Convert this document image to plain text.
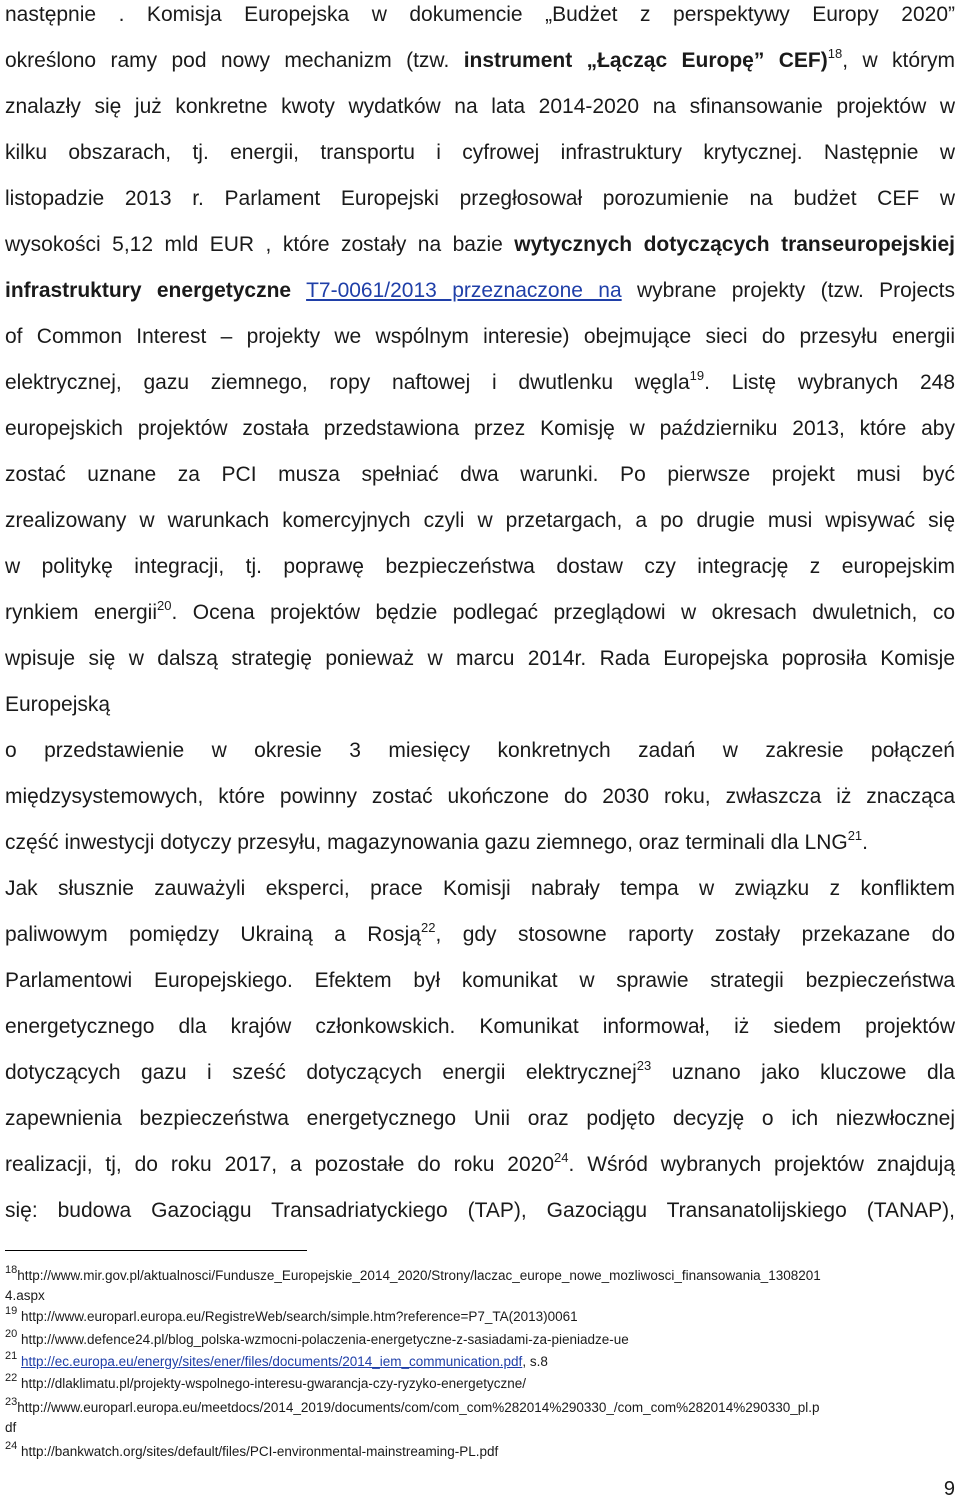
następnie . Komisja Europejska w dokumencie „Budżet z perspektywy Europy 2020”
określono ramy pod nowy mechanizm (tzw. instrument „Łącząc Europę” CEF)$^{18}$, w którym
znalazły się już konkretne kwoty wydatków na lata 2014-2020 na sfinansowanie projektów w
kilku obszarach, tj. energii, transportu i cyfrowej infrastruktury krytycznej. Następnie w
listopadzie 2013 r. Parlament Europejski przegłosował porozumienie na budżet CEF w
wysokości 5,12 mld EUR , które zostały na bazie wytycznych dotyczących transeuropejskiej
infrastruktury energetyczne T7-0061/2013 przeznaczone na wybrane projekty (tzw. Projects
of Common Interest – projekty we wspólnym interesie) obejmujące sieci do przesyłu energii
elektrycznej, gazu ziemnego, ropy naftowej i dwutlenku węgla$^{19}$. Listę wybranych 248
europejskich projektów została przedstawiona przez Komisję w październiku 2013, które aby
zostać uznane za PCI musza spełniać dwa warunki. Po pierwsze projekt musi być
zrealizowany w warunkach komercyjnych czyli w przetargach, a po drugie musi wpisywać się
w politykę integracji, tj. poprawę bezpieczeństwa dostaw czy integrację z europejskim
rynkiem energii$^{20}$. Ocena projektów będzie podlegać przeglądowi w okresach dwuletnich, co
wpisuje się w dalszą strategię ponieważ w marcu 2014r. Rada Europejska poprosiła Komisje
Europejską
o przedstawienie w okresie 3 miesięcy konkretnych zadań w zakresie połączeń
międzysystemowych, które powinny zostać ukończone do 2030 roku, zwłaszcza iż znacząca
część inwestycji dotyczy przesyłu, magazynowania gazu ziemnego, oraz terminali dla LNG$^{21}$.
Jak słusznie zauważyli eksperci, prace Komisji nabrały tempa w związku z konfliktem
paliwowym pomiędzy Ukrainą a Rosją$^{22}$, gdy stosowne raporty zostały przekazane do
Parlamentowi Europejskiego. Efektem był komunikat w sprawie strategii bezpieczeństwa
energetycznego dla krajów członkowskich. Komunikat informował, iż siedem projektów
dotyczących gazu i sześć dotyczących energii elektrycznej$^{23}$ uznano jako kluczowe dla
zapewnienia bezpieczeństwa energetycznego Unii oraz podjęto decyzję o ich niezwłocznej
realizacji, tj, do roku 2017, a pozostałe do roku 2020$^{24}$. Wśród wybranych projektów znajdują
się: budowa Gazociągu Transadriatyckiego (TAP), Gazociągu Transanatolijskiego (TANAP),
$^{18}$http://www.mir.gov.pl/aktualnosci/Fundusze_Europejskie_2014_2020/Strony/laczac_europe_nowe_mozliwosci_finansowania_1308201
4.aspx
$^{19}$ http://www.europarl.europa.eu/RegistreWeb/search/simple.htm?reference=P7_TA(2013)0061
$^{20}$ http://www.defence24.pl/blog_polska-wzmocni-polaczenia-energetyczne-z-sasiadami-za-pieniadze-ue
$^{21}$ http://ec.europa.eu/energy/sites/ener/files/documents/2014_iem_communication.pdf, s.8
$^{22}$ http://dlaklimatu.pl/projekty-wspolnego-interesu-gwarancja-czy-ryzyko-energetyczne/
$^{23}$http://www.europarl.europa.eu/meetdocs/2014_2019/documents/com/com_com%282014%290330_/com_com%282014%290330_pl.p
df
$^{24}$ http://bankwatch.org/sites/default/files/PCI-environmental-mainstreaming-PL.pdf
9
